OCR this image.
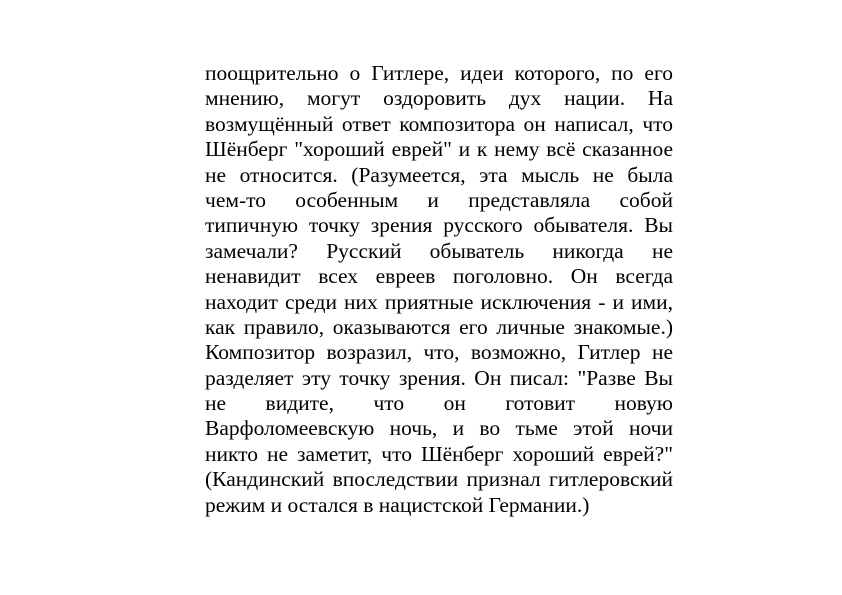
поощрительно о Гитлере, идеи которого, по его
мнению, могут оздоровить дух нации. На
возмущённый ответ композитора он написал, что
Шёнберг "хороший еврей" и к нему всё сказанное
не относится. (Разумеется, эта мысль не была
чем-то особенным и представляла собой
типичную точку зрения русского обывателя. Вы
замечали? Русский обыватель никогда не
ненавидит всех евреев поголовно. Он всегда
находит среди них приятные исключения - и ими,
как правило, оказываются его личные знакомые.)
Композитор возразил, что, возможно, Гитлер не
разделяет эту точку зрения. Он писал: "Разве Вы
не видите, что он готовит новую
Варфоломеевскую ночь, и во тьме этой ночи
никто не заметит, что Шёнберг хороший еврей?"
(Кандинский впоследствии признал гитлеровский
режим и остался в нацистской Германии.)
